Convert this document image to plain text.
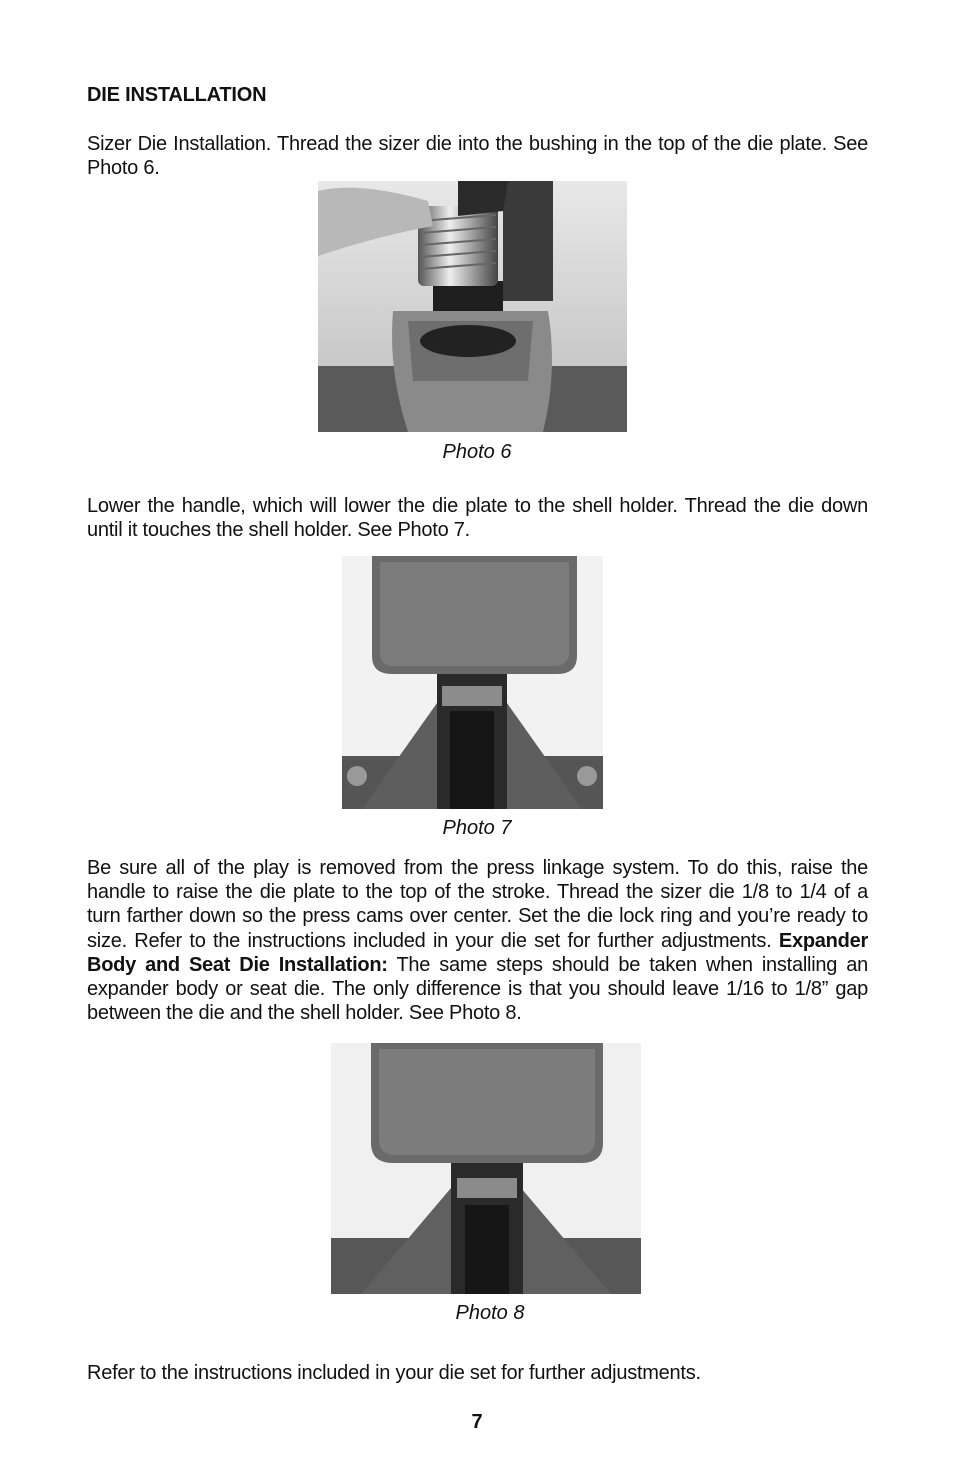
DIE INSTALLATION
Sizer Die Installation. Thread the sizer die into the bushing in the top of the die plate. See Photo 6.
Photo 6
Lower the handle, which will lower the die plate to the shell holder. Thread the die down until it touches the shell holder. See Photo 7.
Photo 7
Be sure all of the play is removed from the press linkage system. To do this, raise the handle to raise the die plate to the top of the stroke. Thread the sizer die 1/8 to 1/4 of a turn farther down so the press cams over center. Set the die lock ring and you’re ready to size. Refer to the instructions included in your die set for further adjustments. Expander Body and Seat Die Installation: The same steps should be taken when installing an expander body or seat die. The only difference is that you should leave 1/16 to 1/8” gap between the die and the shell holder. See Photo 8.
Photo 8
Refer to the instructions included in your die set for further adjustments.
7
